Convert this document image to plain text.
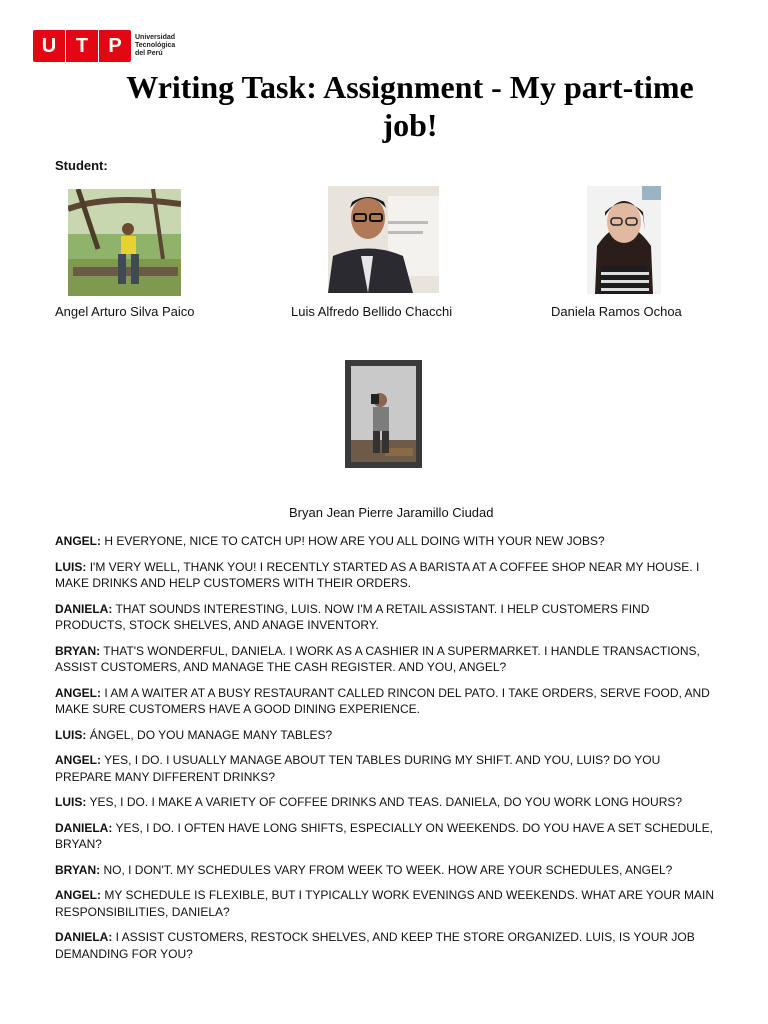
U T	P	Universidad
Tecnológica
del Perú
Writing Task: Assignment - My part-time job!
Student:
Angel Arturo Silva Paico	Luis Alfredo Bellido Chacchi	Daniela Ramos Ochoa
Bryan Jean Pierre Jaramillo Ciudad

ANGEL: H EVERYONE, NICE TO CATCH UP! HOW ARE YOU ALL DOING WITH YOUR NEW JOBS?

LUIS: I'M VERY WELL, THANK YOU! I RECENTLY STARTED AS A BARISTA AT A COFFEE SHOP NEAR MY HOUSE. I MAKE DRINKS AND HELP CUSTOMERS WITH THEIR ORDERS.

DANIELA: THAT SOUNDS INTERESTING, LUIS. NOW I'M A RETAIL ASSISTANT. I HELP CUSTOMERS FIND PRODUCTS, STOCK SHELVES, AND ANAGE INVENTORY.

BRYAN: THAT'S WONDERFUL, DANIELA. I WORK AS A CASHIER IN A SUPERMARKET. I HANDLE TRANSACTIONS, ASSIST CUSTOMERS, AND MANAGE THE CASH REGISTER. AND YOU, ANGEL?

ANGEL: I AM A WAITER AT A BUSY RESTAURANT CALLED RINCON DEL PATO. I TAKE ORDERS, SERVE FOOD, AND MAKE SURE CUSTOMERS HAVE A GOOD DINING EXPERIENCE.

LUIS: ÁNGEL, DO YOU MANAGE MANY TABLES?

ANGEL: YES, I DO. I USUALLY MANAGE ABOUT TEN TABLES DURING MY SHIFT. AND YOU, LUIS? DO YOU PREPARE MANY DIFFERENT DRINKS?

LUIS: YES, I DO. I MAKE A VARIETY OF COFFEE DRINKS AND TEAS. DANIELA, DO YOU WORK LONG HOURS?

DANIELA: YES, I DO. I OFTEN HAVE LONG SHIFTS, ESPECIALLY ON WEEKENDS. DO YOU HAVE A SET SCHEDULE, BRYAN?

BRYAN: NO, I DON'T. MY SCHEDULES VARY FROM WEEK TO WEEK. HOW ARE YOUR SCHEDULES, ANGEL?

ANGEL: MY SCHEDULE IS FLEXIBLE, BUT I TYPICALLY WORK EVENINGS AND WEEKENDS. WHAT ARE YOUR MAIN RESPONSIBILITIES, DANIELA?

DANIELA: I ASSIST CUSTOMERS, RESTOCK SHELVES, AND KEEP THE STORE ORGANIZED. LUIS, IS YOUR JOB DEMANDING FOR YOU?
